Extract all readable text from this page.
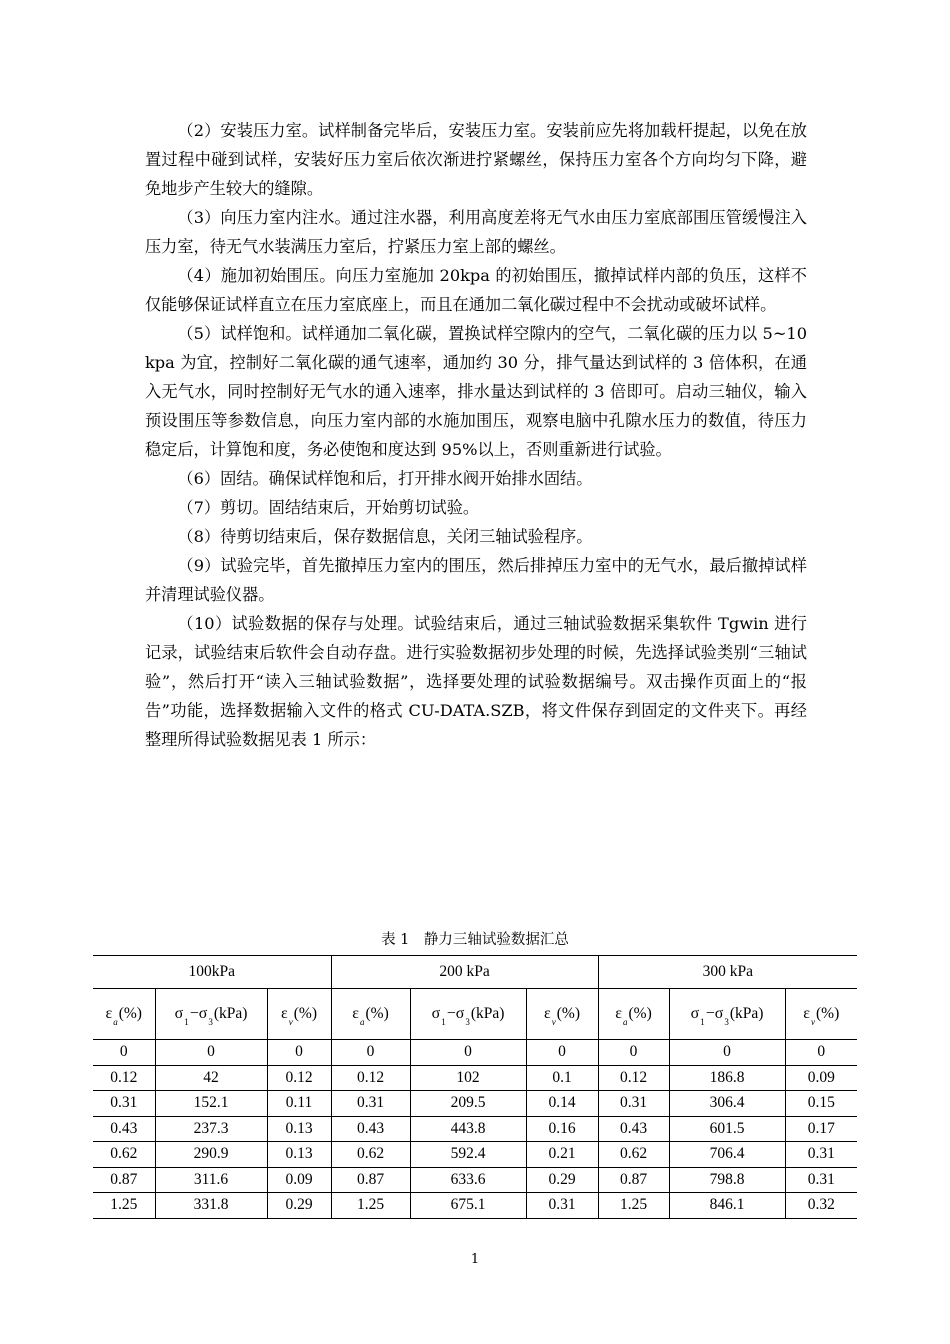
（2）安装压力室。试样制备完毕后，安装压力室。安装前应先将加载杆提起，以免在放置过程中碰到试样，安装好压力室后依次渐进拧紧螺丝，保持压力室各个方向均匀下降，避免地步产生较大的缝隙。

（3）向压力室内注水。通过注水器，利用高度差将无气水由压力室底部围压管缓慢注入压力室，待无气水装满压力室后，拧紧压力室上部的螺丝。

（4）施加初始围压。向压力室施加 20kpa 的初始围压，撤掉试样内部的负压，这样不仅能够保证试样直立在压力室底座上，而且在通加二氧化碳过程中不会扰动或破坏试样。

（5）试样饱和。试样通加二氧化碳，置换试样空隙内的空气，二氧化碳的压力以 5~10kpa 为宜，控制好二氧化碳的通气速率，通加约 30 分，排气量达到试样的 3 倍体积，在通入无气水，同时控制好无气水的通入速率，排水量达到试样的 3 倍即可。启动三轴仪，输入预设围压等参数信息，向压力室内部的水施加围压，观察电脑中孔隙水压力的数值，待压力稳定后，计算饱和度，务必使饱和度达到 95%以上，否则重新进行试验。

（6）固结。确保试样饱和后，打开排水阀开始排水固结。

（7）剪切。固结结束后，开始剪切试验。

（8）待剪切结束后，保存数据信息，关闭三轴试验程序。

（9）试验完毕，首先撤掉压力室内的围压，然后排掉压力室中的无气水，最后撤掉试样并清理试验仪器。

（10）试验数据的保存与处理。试验结束后，通过三轴试验数据采集软件 Tgwin 进行记录，试验结束后软件会自动存盘。进行实验数据初步处理的时候，先选择试验类别“三轴试验”，然后打开“读入三轴试验数据”，选择要处理的试验数据编号。双击操作页面上的“报告”功能，选择数据输入文件的格式 CU-DATA.SZB，将文件保存到固定的文件夹下。再经整理所得试验数据见表 1 所示：

表 1　静力三轴试验数据汇总
100kPa			200 kPa			300 kPa		
$\varepsilon_a(\%)$	$\sigma_1-\sigma_3(kPa)$	$\varepsilon_v(\%)$	$\varepsilon_a(\%)$	$\sigma_1-\sigma_3(kPa)$	$\varepsilon_v(\%)$	$\varepsilon_a(\%)$	$\sigma_1-\sigma_3(kPa)$	$\varepsilon_v(\%)$
0	0	0	0	0	0	0	0	0
0.12	42	0.12	0.12	102	0.1	0.12	186.8	0.09
0.31	152.1	0.11	0.31	209.5	0.14	0.31	306.4	0.15
0.43	237.3	0.13	0.43	443.8	0.16	0.43	601.5	0.17
0.62	290.9	0.13	0.62	592.4	0.21	0.62	706.4	0.31
0.87	311.6	0.09	0.87	633.6	0.29	0.87	798.8	0.31
1.25	331.8	0.29	1.25	675.1	0.31	1.25	846.1	0.32
1
